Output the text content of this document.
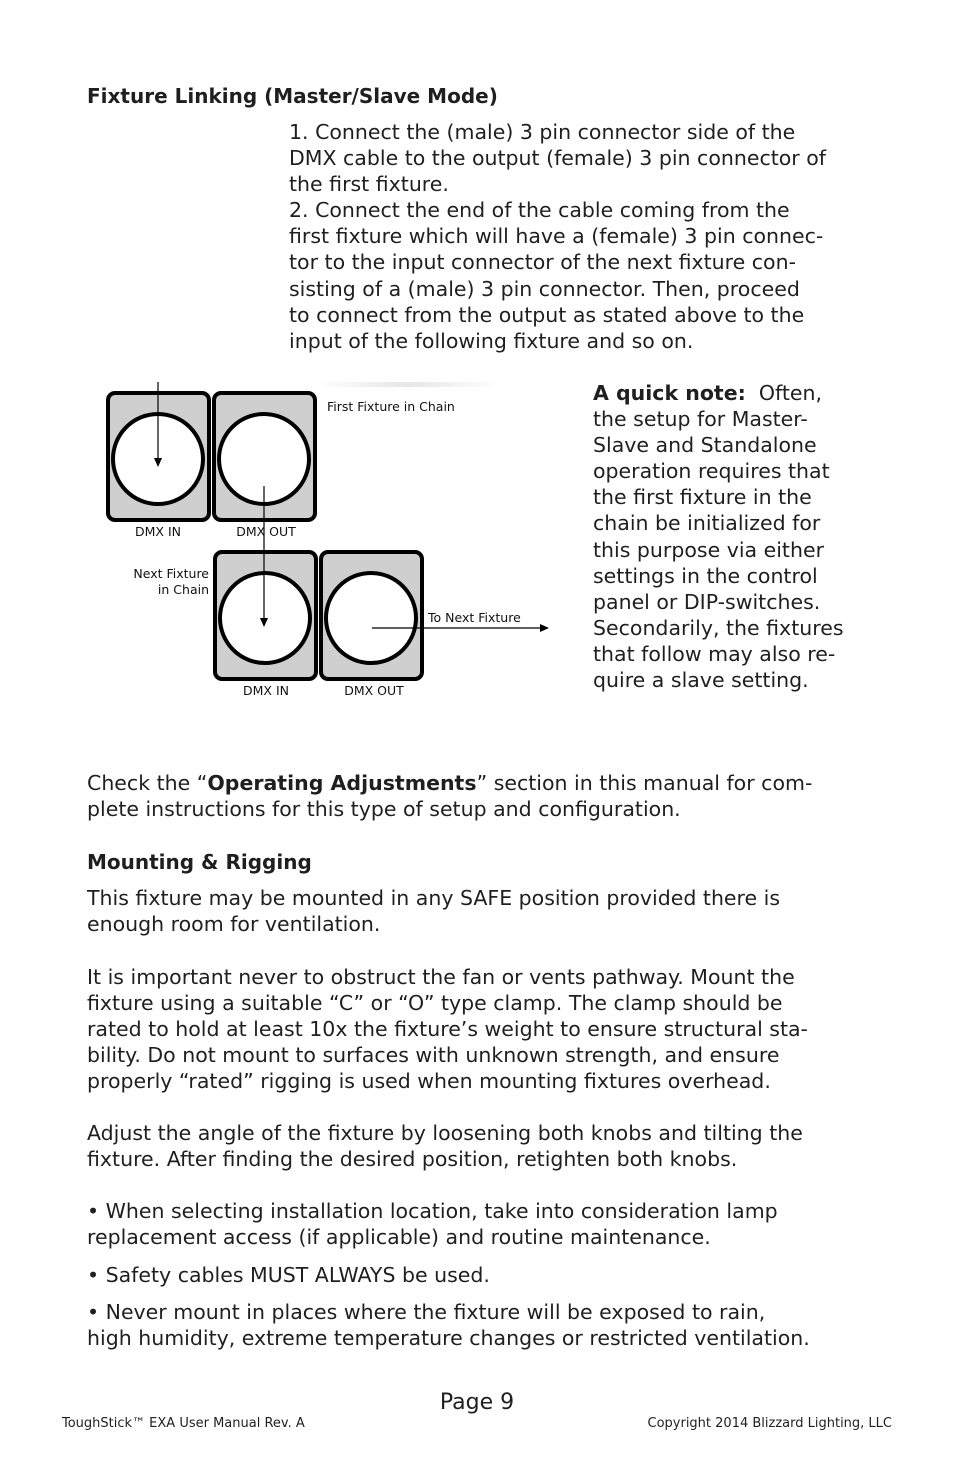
Fixture Linking (Master/Slave Mode)

1. Connect the (male) 3 pin connector side of the

DMX cable to the output (female) 3 pin connector of

the first fixture.

2. Connect the end of the cable coming from the

first fixture which will have a (female) 3 pin connec-

tor to the input connector of the next fixture con-

sisting of a (male) 3 pin connector. Then, proceed

to connect from the output as stated above to the

input of the following fixture and so on.

First Fixture in Chain
DMX IN	DMX OUT
Next Fixture
in Chain
To Next Fixture
DMX IN	DMX OUT

A quick note:  Often,

the setup for Master-

Slave and Standalone

operation requires that

the first fixture in the

chain be initialized for

this purpose via either

settings in the control

panel or DIP-switches.

Secondarily, the fixtures

that follow may also re-

quire a slave setting.

Check the “Operating Adjustments” section in this manual for com-

plete instructions for this type of setup and configuration.

Mounting & Rigging

This fixture may be mounted in any SAFE position provided there is

enough room for ventilation.

It is important never to obstruct the fan or vents pathway. Mount the

fixture using a suitable “C” or “O” type clamp. The clamp should be

rated to hold at least 10x the fixture’s weight to ensure structural sta-

bility. Do not mount to surfaces with unknown strength, and ensure

properly “rated” rigging is used when mounting fixtures overhead.

Adjust the angle of the fixture by loosening both knobs and tilting the

fixture. After finding the desired position, retighten both knobs.

• When selecting installation location, take into consideration lamp

replacement access (if applicable) and routine maintenance.

• Safety cables MUST ALWAYS be used.

• Never mount in places where the fixture will be exposed to rain,

high humidity, extreme temperature changes or restricted ventilation.

Page 9
ToughStick™ EXA User Manual Rev. A	Copyright 2014 Blizzard Lighting, LLC
